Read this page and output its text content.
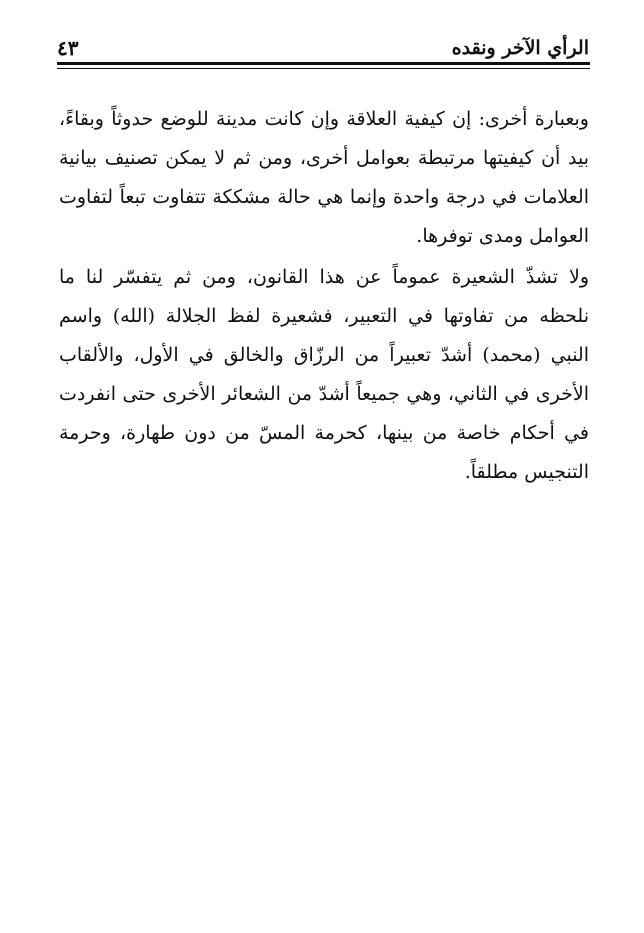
الرأي الآخر ونقده
٤٣

وبعبارة أخرى: إن كيفية العلاقة وإن كانت مدينة للوضع حدوثاً وبقاءً، بيد أن كيفيتها مرتبطة بعوامل أخرى، ومن ثم لا يمكن تصنيف بيانية العلامات في درجة واحدة وإنما هي حالة مشككة تتفاوت تبعاً لتفاوت العوامل ومدى توفرها.

ولا تشذّ الشعيرة عموماً عن هذا القانون، ومن ثم يتفسّر لنا ما نلحظه من تفاوتها في التعبير، فشعيرة لفظ الجلالة (الله) واسم النبي (محمد) أشدّ تعبيراً من الرزّاق والخالق في الأول، والألقاب الأخرى في الثاني، وهي جميعاً أشدّ من الشعائر الأخرى حتى انفردت في أحكام خاصة من بينها، كحرمة المسّ من دون طهارة، وحرمة التنجيس مطلقاً.
